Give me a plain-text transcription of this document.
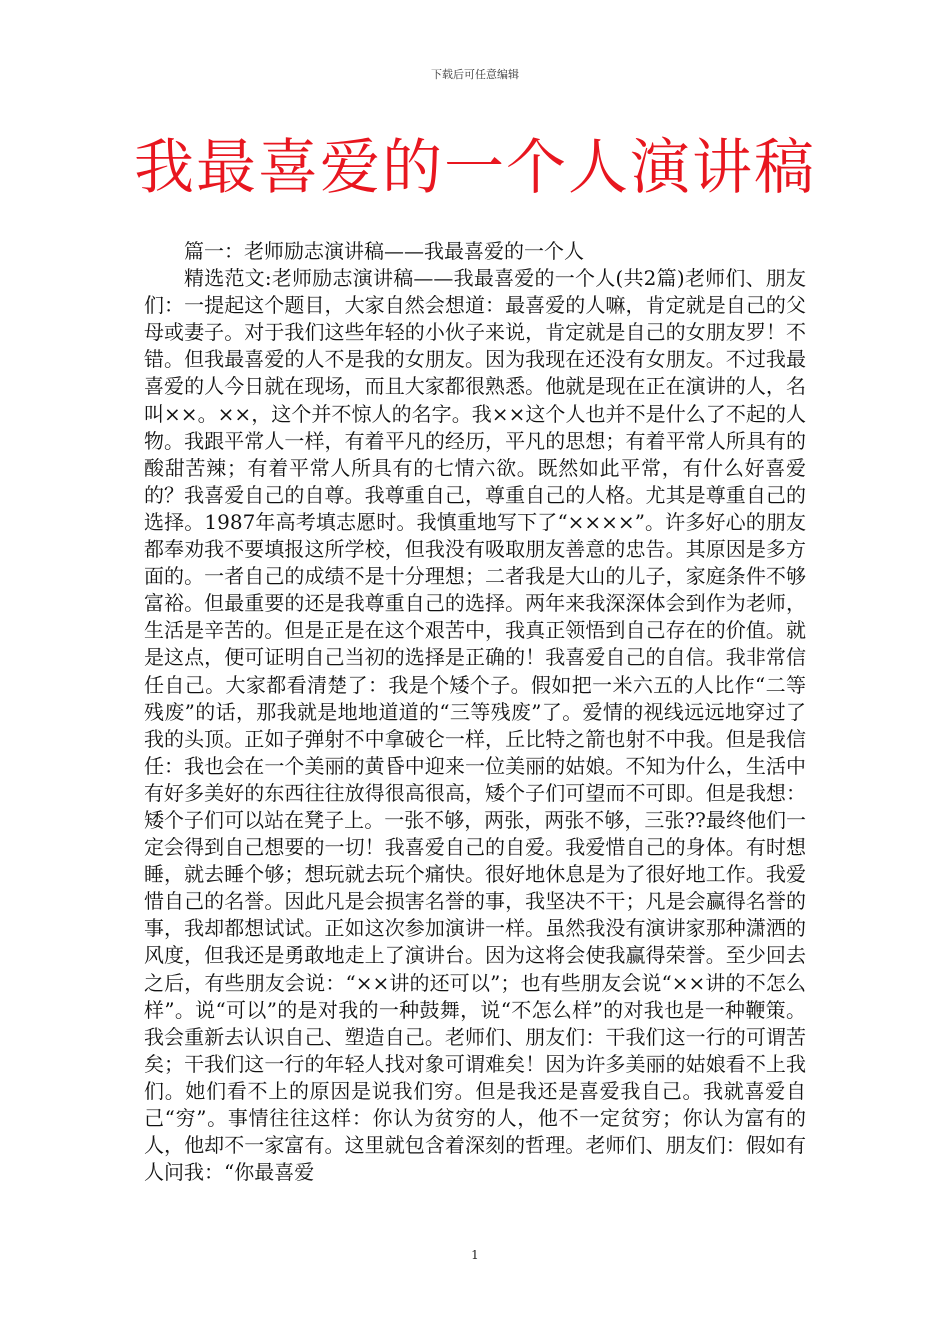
下载后可任意编辑
我最喜爱的一个人演讲稿

篇一：老师励志演讲稿——我最喜爱的一个人

精选范文:老师励志演讲稿——我最喜爱的一个人(共2篇)老师们、朋友们：一提起这个题目，大家自然会想道：最喜爱的人嘛，肯定就是自己的父母或妻子。对于我们这些年轻的小伙子来说，肯定就是自己的女朋友罗！不错。但我最喜爱的人不是我的女朋友。因为我现在还没有女朋友。不过我最喜爱的人今日就在现场，而且大家都很熟悉。他就是现在正在演讲的人，名叫××。××，这个并不惊人的名字。我××这个人也并不是什么了不起的人物。我跟平常人一样，有着平凡的经历，平凡的思想；有着平常人所具有的酸甜苦辣；有着平常人所具有的七情六欲。既然如此平常，有什么好喜爱的？我喜爱自己的自尊。我尊重自己，尊重自己的人格。尤其是尊重自己的选择。1987年高考填志愿时。我慎重地写下了“××××”。许多好心的朋友都奉劝我不要填报这所学校，但我没有吸取朋友善意的忠告。其原因是多方面的。一者自己的成绩不是十分理想；二者我是大山的儿子，家庭条件不够富裕。但最重要的还是我尊重自己的选择。两年来我深深体会到作为老师，生活是辛苦的。但是正是在这个艰苦中，我真正领悟到自己存在的价值。就是这点，便可证明自己当初的选择是正确的！我喜爱自己的自信。我非常信任自己。大家都看清楚了：我是个矮个子。假如把一米六五的人比作“二等残废”的话，那我就是地地道道的“三等残废”了。爱情的视线远远地穿过了我的头顶。正如子弹射不中拿破仑一样，丘比特之箭也射不中我。但是我信任：我也会在一个美丽的黄昏中迎来一位美丽的姑娘。不知为什么，生活中有好多美好的东西往往放得很高很高，矮个子们可望而不可即。但是我想：矮个子们可以站在凳子上。一张不够，两张，两张不够，三张??最终他们一定会得到自己想要的一切！我喜爱自己的自爱。我爱惜自己的身体。有时想睡，就去睡个够；想玩就去玩个痛快。很好地休息是为了很好地工作。我爱惜自己的名誉。因此凡是会损害名誉的事，我坚决不干；凡是会赢得名誉的事，我却都想试试。正如这次参加演讲一样。虽然我没有演讲家那种潇洒的风度，但我还是勇敢地走上了演讲台。因为这将会使我赢得荣誉。至少回去之后，有些朋友会说：“××讲的还可以”；也有些朋友会说“××讲的不怎么样”。说“可以”的是对我的一种鼓舞，说“不怎么样”的对我也是一种鞭策。我会重新去认识自己、塑造自己。老师们、朋友们：干我们这一行的可谓苦矣；干我们这一行的年轻人找对象可谓难矣！因为许多美丽的姑娘看不上我们。她们看不上的原因是说我们穷。但是我还是喜爱我自己。我就喜爱自己“穷”。事情往往这样：你认为贫穷的人，他不一定贫穷；你认为富有的人，他却不一家富有。这里就包含着深刻的哲理。老师们、朋友们：假如有人问我：“你最喜爱

1
